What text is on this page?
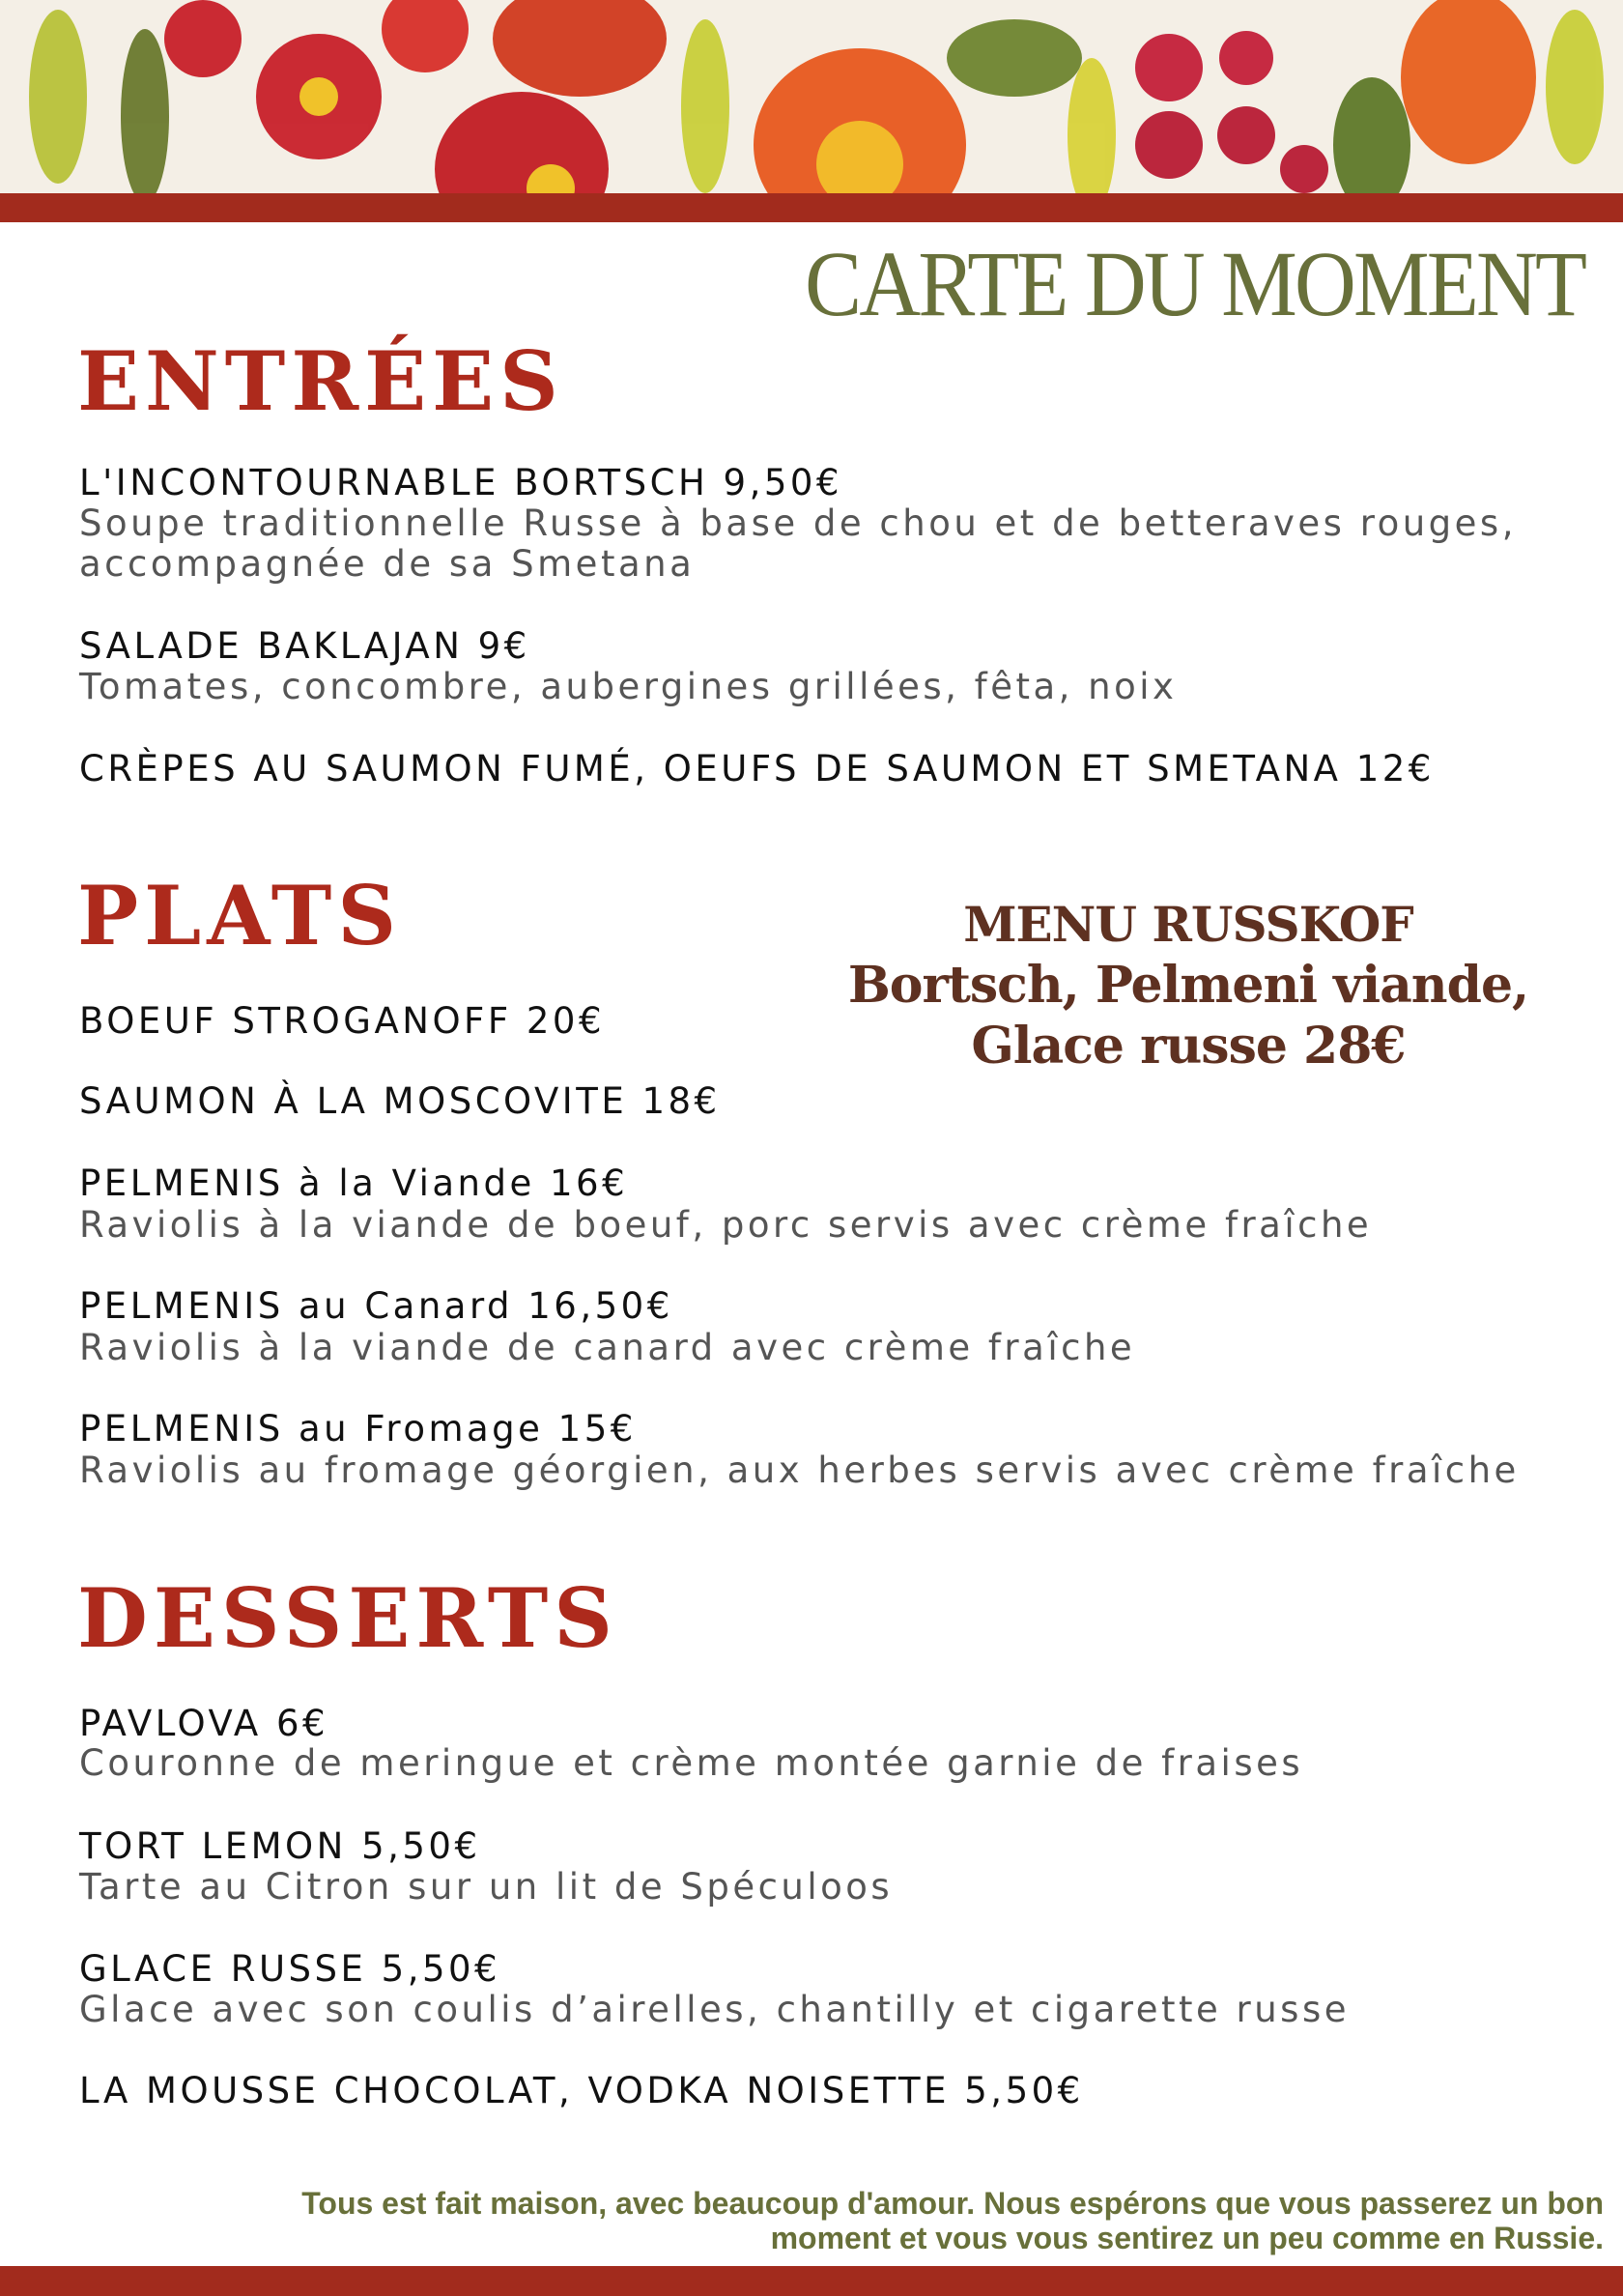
CARTE DU MOMENT
ENTRÉES
L'INCONTOURNABLE BORTSCH 9,50€
Soupe traditionnelle Russe à base de chou et de betteraves rouges,
accompagnée de sa Smetana
SALADE BAKLAJAN 9€
Tomates, concombre, aubergines grillées, fêta, noix
CRÈPES AU SAUMON FUMÉ, OEUFS DE SAUMON ET SMETANA 12€
PLATS
BOEUF STROGANOFF 20€
SAUMON À LA MOSCOVITE 18€
PELMENIS à la Viande 16€
Raviolis à la viande de boeuf, porc servis avec crème fraîche
PELMENIS au Canard 16,50€
Raviolis à la viande de canard avec crème fraîche
PELMENIS au Fromage 15€
Raviolis au fromage géorgien, aux herbes servis avec crème fraîche
MENU RUSSKOF
Bortsch, Pelmeni viande,
Glace russe 28€
DESSERTS
PAVLOVA 6€
Couronne de meringue et crème montée garnie de fraises
TORT LEMON 5,50€
Tarte au Citron sur un lit de Spéculoos
GLACE RUSSE 5,50€
Glace avec son coulis d’airelles, chantilly et cigarette russe
LA MOUSSE CHOCOLAT, VODKA NOISETTE 5,50€
Tous est fait maison, avec beaucoup d'amour. Nous espérons que vous passerez un bon
moment et vous vous sentirez un peu comme en Russie.
